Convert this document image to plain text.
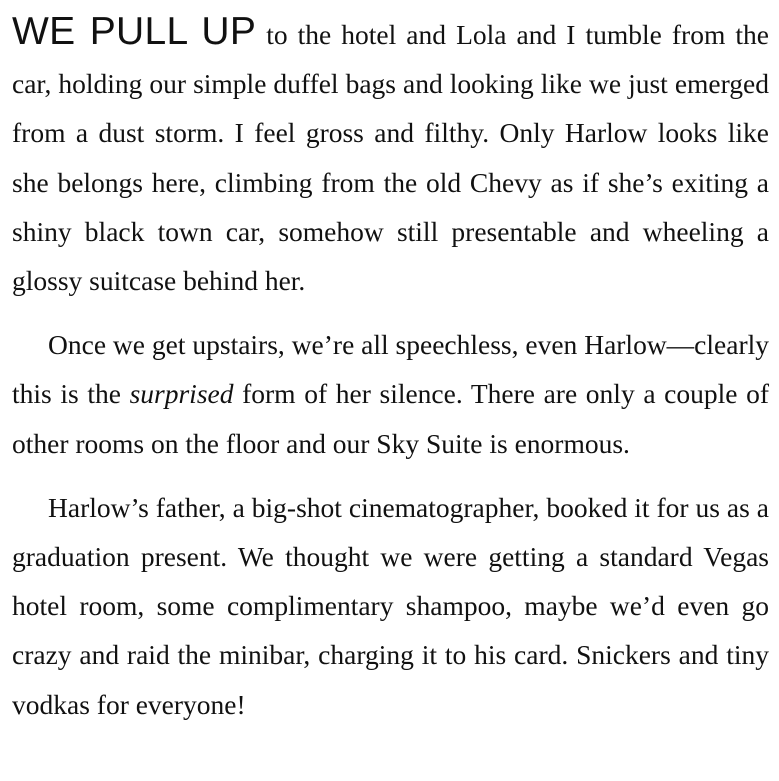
WE PULL UP to the hotel and Lola and I tumble from the car, holding our simple duffel bags and looking like we just emerged from a dust storm. I feel gross and filthy. Only Harlow looks like she belongs here, climbing from the old Chevy as if she’s exiting a shiny black town car, somehow still presentable and wheeling a glossy suitcase behind her.

Once we get upstairs, we’re all speechless, even Harlow—clearly this is the surprised form of her silence. There are only a couple of other rooms on the floor and our Sky Suite is enormous.

Harlow’s father, a big-shot cinematographer, booked it for us as a graduation present. We thought we were getting a standard Vegas hotel room, some complimentary shampoo, maybe we’d even go crazy and raid the minibar, charging it to his card. Snickers and tiny vodkas for everyone!
